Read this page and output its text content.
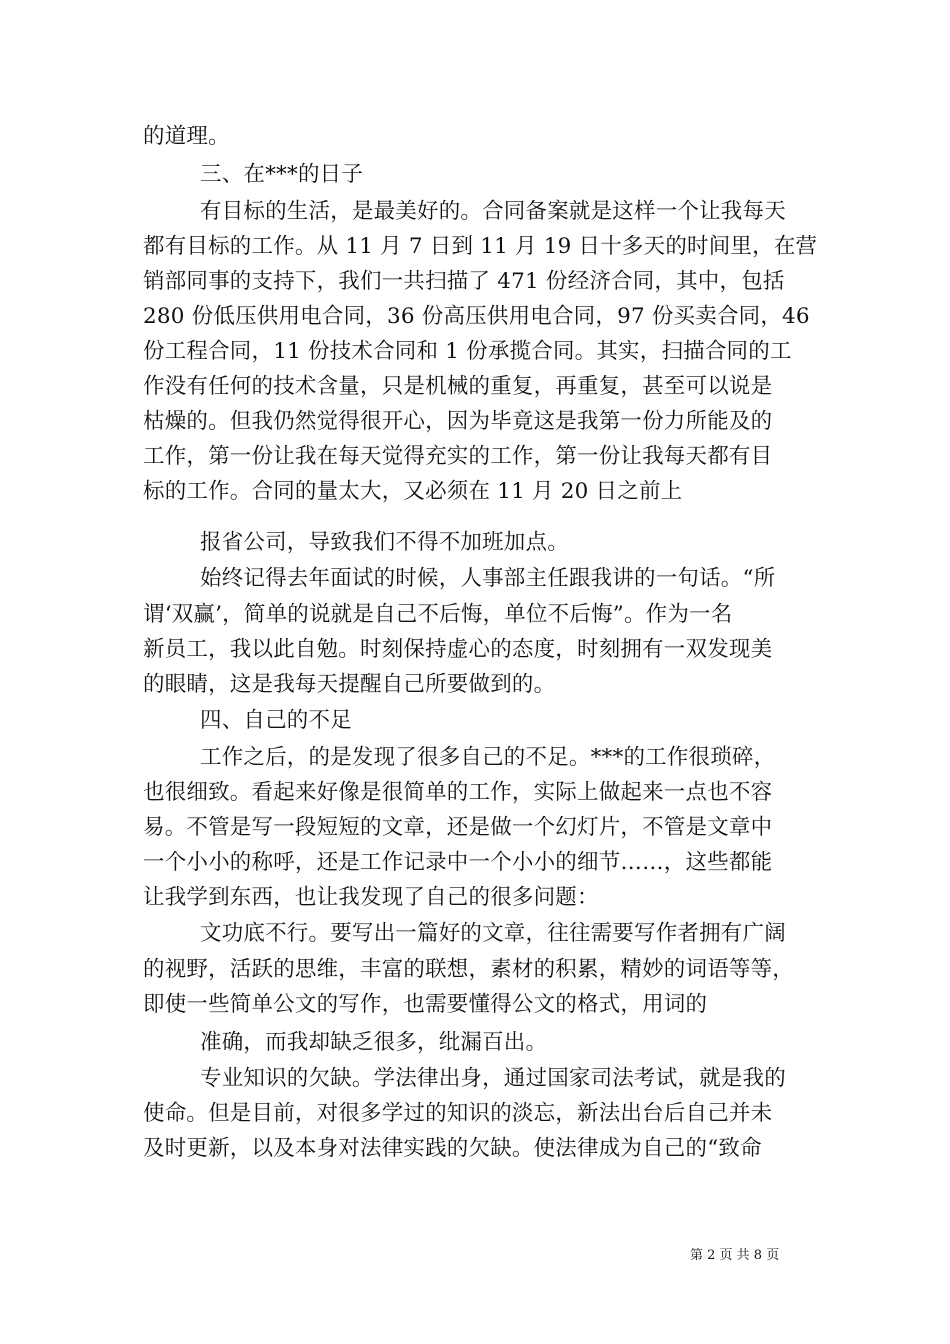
的道理。
三、在***的日子
有目标的生活，是最美好的。合同备案就是这样一个让我每天
都有目标的工作。从 11 月 7 日到 11 月 19 日十多天的时间里，在营
销部同事的支持下，我们一共扫描了 471 份经济合同，其中，包括
280 份低压供用电合同，36 份高压供用电合同，97 份买卖合同，46
份工程合同，11 份技术合同和 1 份承揽合同。其实，扫描合同的工
作没有任何的技术含量，只是机械的重复，再重复，甚至可以说是
枯燥的。但我仍然觉得很开心，因为毕竟这是我第一份力所能及的
工作，第一份让我在每天觉得充实的工作，第一份让我每天都有目
标的工作。合同的量太大，又必须在 11 月 20 日之前上
报省公司，导致我们不得不加班加点。
始终记得去年面试的时候，人事部主任跟我讲的一句话。“所
谓‘双赢’，简单的说就是自己不后悔，单位不后悔”。作为一名
新员工，我以此自勉。时刻保持虚心的态度，时刻拥有一双发现美
的眼睛，这是我每天提醒自己所要做到的。
四、自己的不足
工作之后，的是发现了很多自己的不足。***的工作很琐碎，
也很细致。看起来好像是很简单的工作，实际上做起来一点也不容
易。不管是写一段短短的文章，还是做一个幻灯片，不管是文章中
一个小小的称呼，还是工作记录中一个小小的细节……，这些都能
让我学到东西，也让我发现了自己的很多问题：
文功底不行。要写出一篇好的文章，往往需要写作者拥有广阔
的视野，活跃的思维，丰富的联想，素材的积累，精妙的词语等等，
即使一些简单公文的写作，也需要懂得公文的格式，用词的
准确，而我却缺乏很多，纰漏百出。
专业知识的欠缺。学法律出身，通过国家司法考试，就是我的
使命。但是目前，对很多学过的知识的淡忘，新法出台后自己并未
及时更新，以及本身对法律实践的欠缺。使法律成为自己的“致命
第 2 页 共 8 页
